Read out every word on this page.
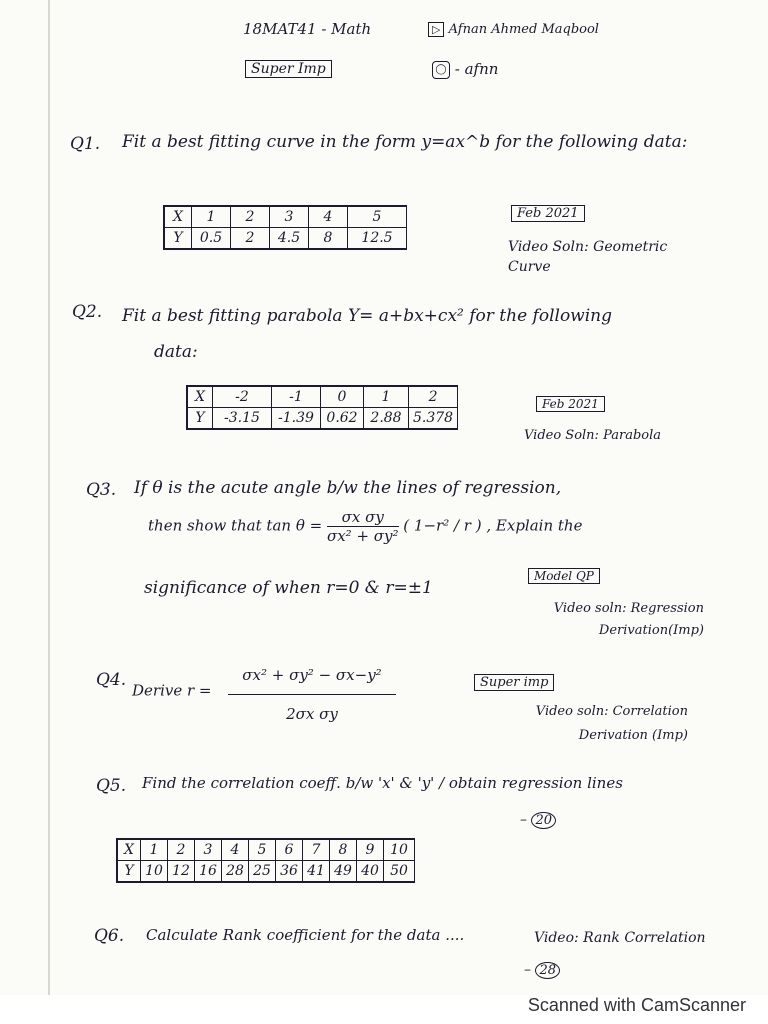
18MAT41 - Math
Super Imp
▷ Afnan Ahmed Maqbool
◯ - afnn
Q1. Fit a best fitting curve in the form y=ax^b for the following data:
X	1	2	3	4	5
Y	0.5	2	4.5	8	12.5
Feb 2021
Video Soln: Geometric Curve
Q2. Fit a best fitting parabola Y= a+bx+cx² for the following
data:
X	-2	-1	0	1	2
Y	-3.15	-1.39	0.62	2.88	5.378
Feb 2021
Video Soln: Parabola
Q3. If θ is the acute angle b/w the lines of regression,
then show that $\tan \theta = \frac{\text{σx σy}}{\text{σx² + σy²}}$ ( 1−r² / r ) , Explain the
significance of when r=0 & r=±1
Model QP
Video soln: Regression Derivation(Imp)
Q4.
Derive $r = \frac{\text{σx² + σy² − σx−y²}}{\text{2σx σy}}$	Super imp
Video soln: Correlation Derivation (Imp)
Q5. Find the correlation coeff. b/w 'x' & 'y' / obtain regression lines
– 20
X	1	2	3	4	5	6	7	8	9	10
Y	10	12	16	28	25	36	41	49	40	50
Q6. Calculate Rank coefficient for the data ....	Video: Rank Correlation
– 28
Scanned with CamScanner
